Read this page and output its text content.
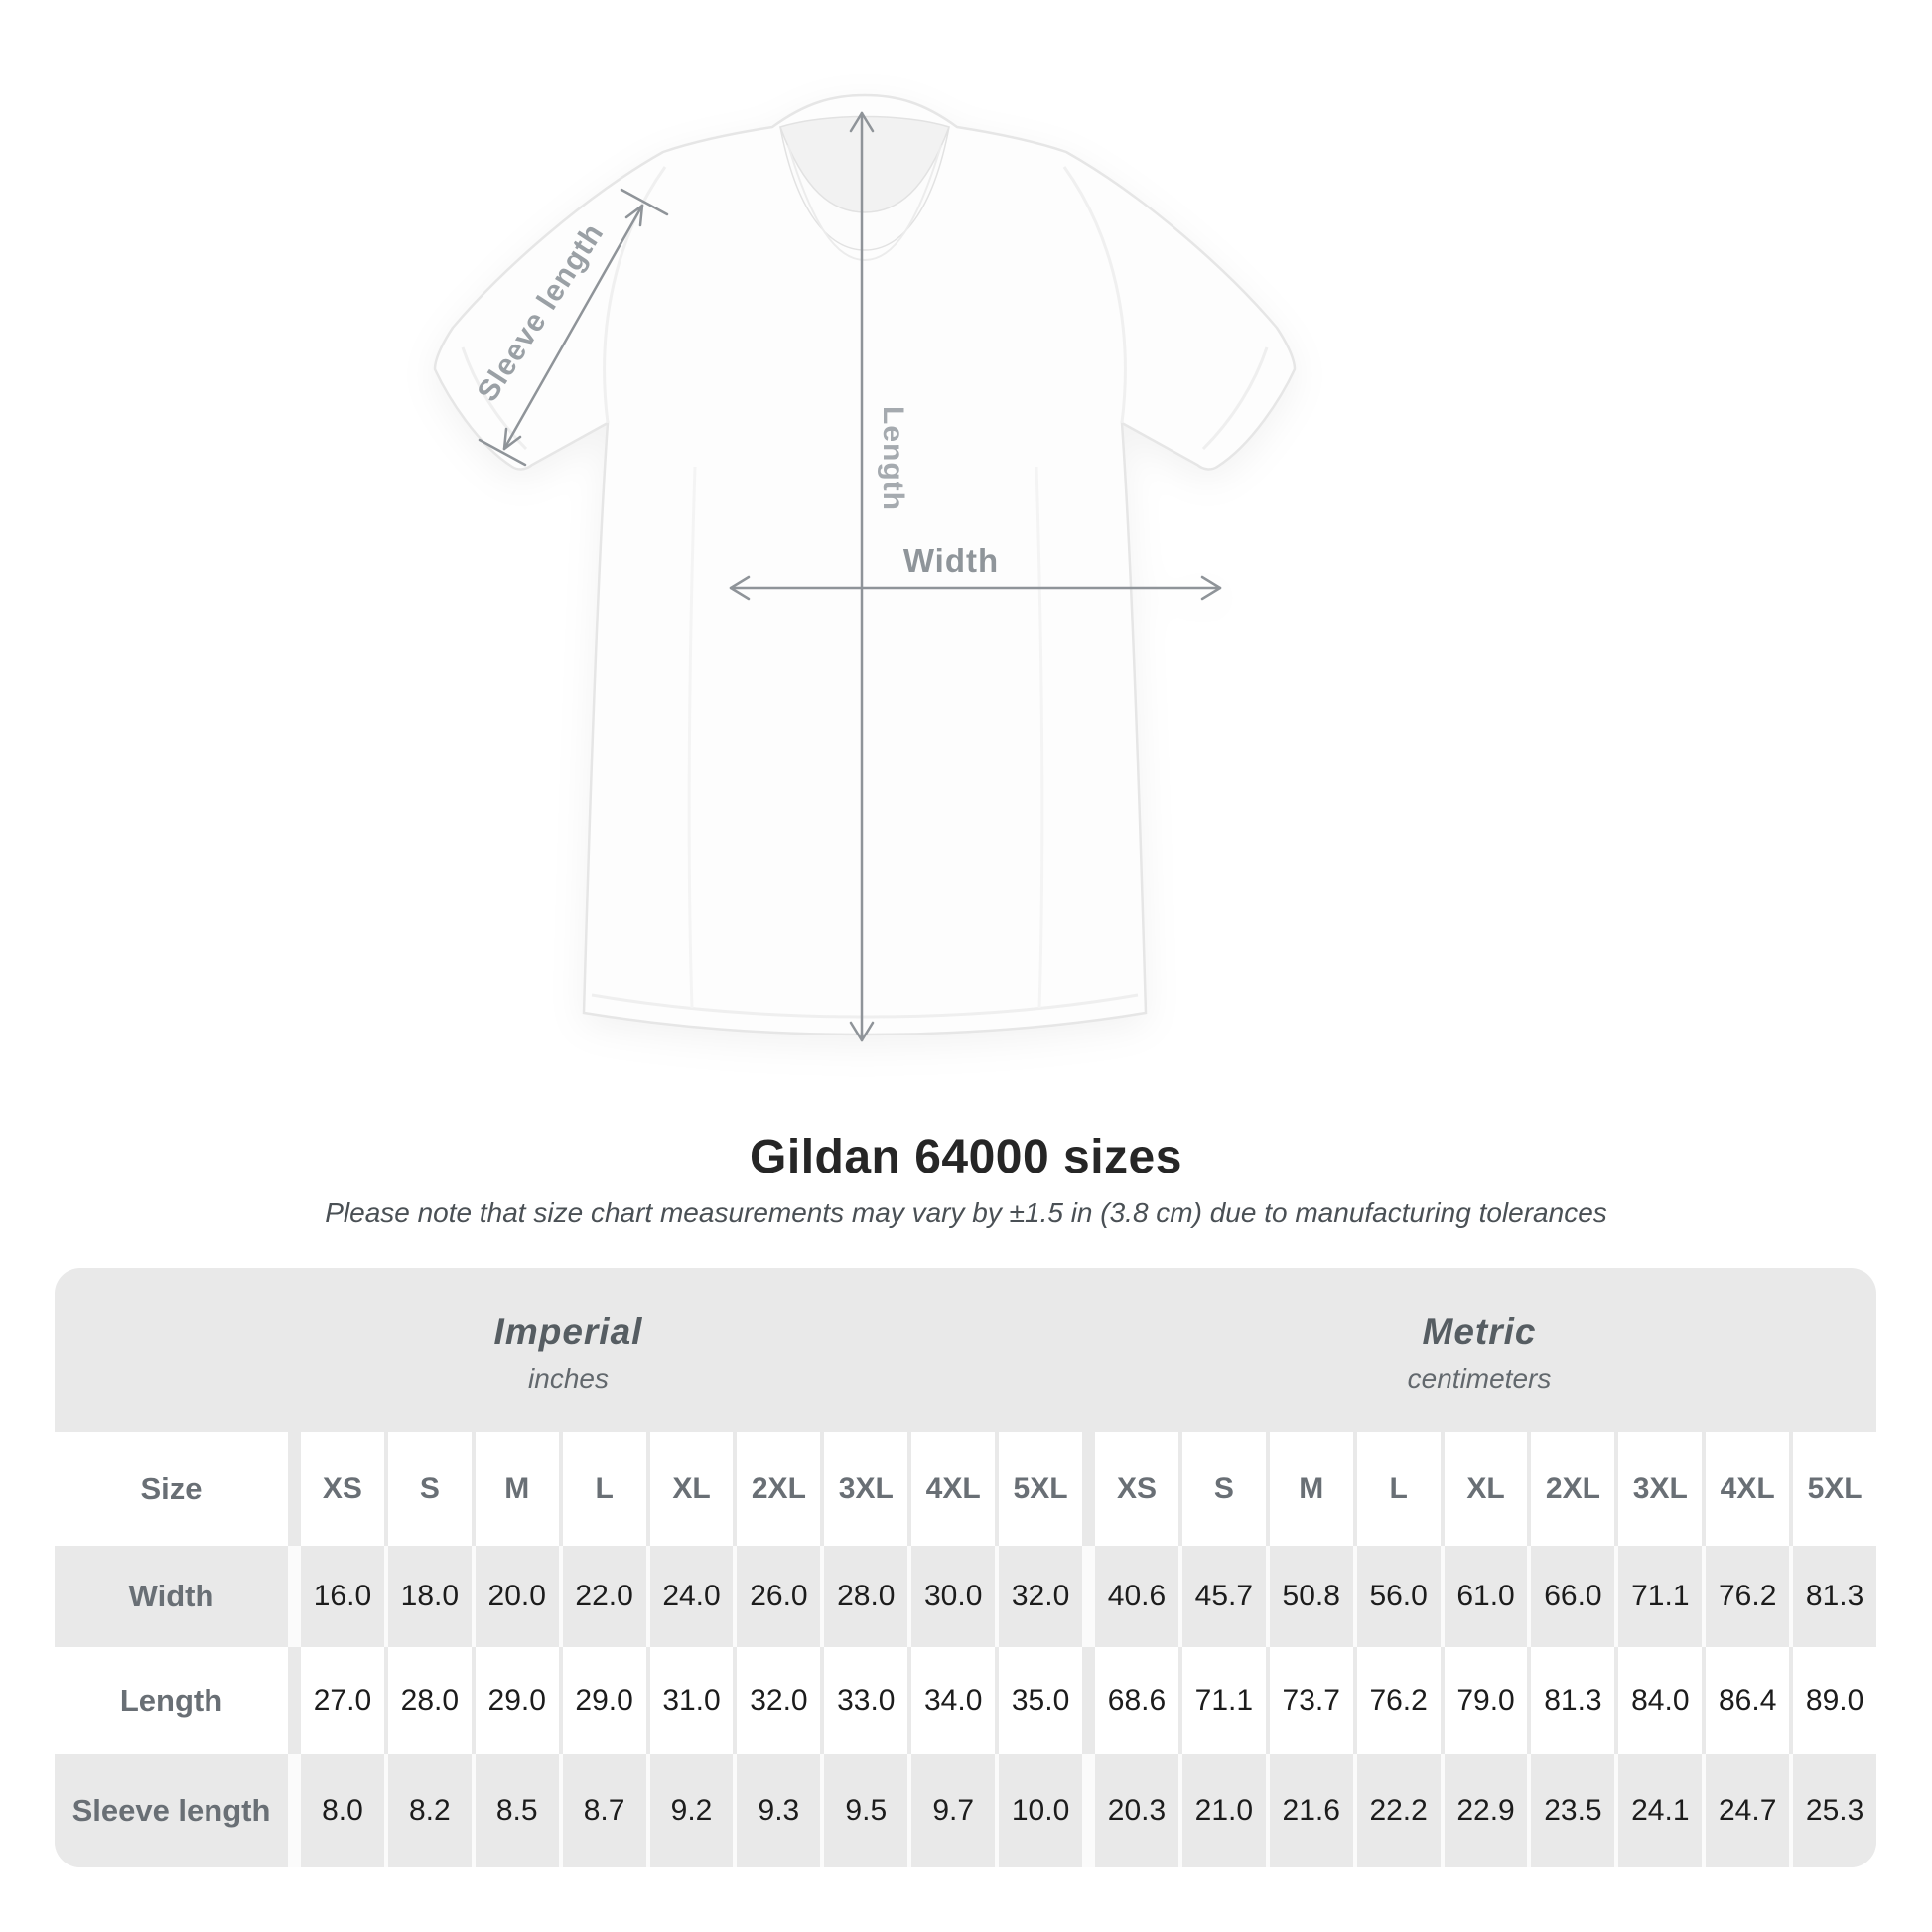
Sleeve length
Length
Width
Gildan 64000 sizes

Please note that size chart measurements may vary by ±1.5 in (3.8 cm) due to manufacturing tolerances

Imperial
inches
Metric
centimeters
Size	XS	S	M	L	XL	2XL	3XL	4XL	5XL	XS	S	M	L	XL	2XL	3XL	4XL	5XL
Width	16.0 18.0 20.0 22.0 24.0 26.0 28.0 30.0 32.0	40.6 45.7 50.8 56.0 61.0 66.0 71.1 76.2 81.3
Length	27.0 28.0 29.0 29.0 31.0 32.0 33.0 34.0 35.0	68.6 71.1 73.7 76.2 79.0 81.3 84.0 86.4 89.0
Sleeve length	8.0	8.2	8.5	8.7	9.2	9.3	9.5	9.7	10.0	20.3 21.0 21.6 22.2 22.9 23.5 24.1 24.7 25.3
